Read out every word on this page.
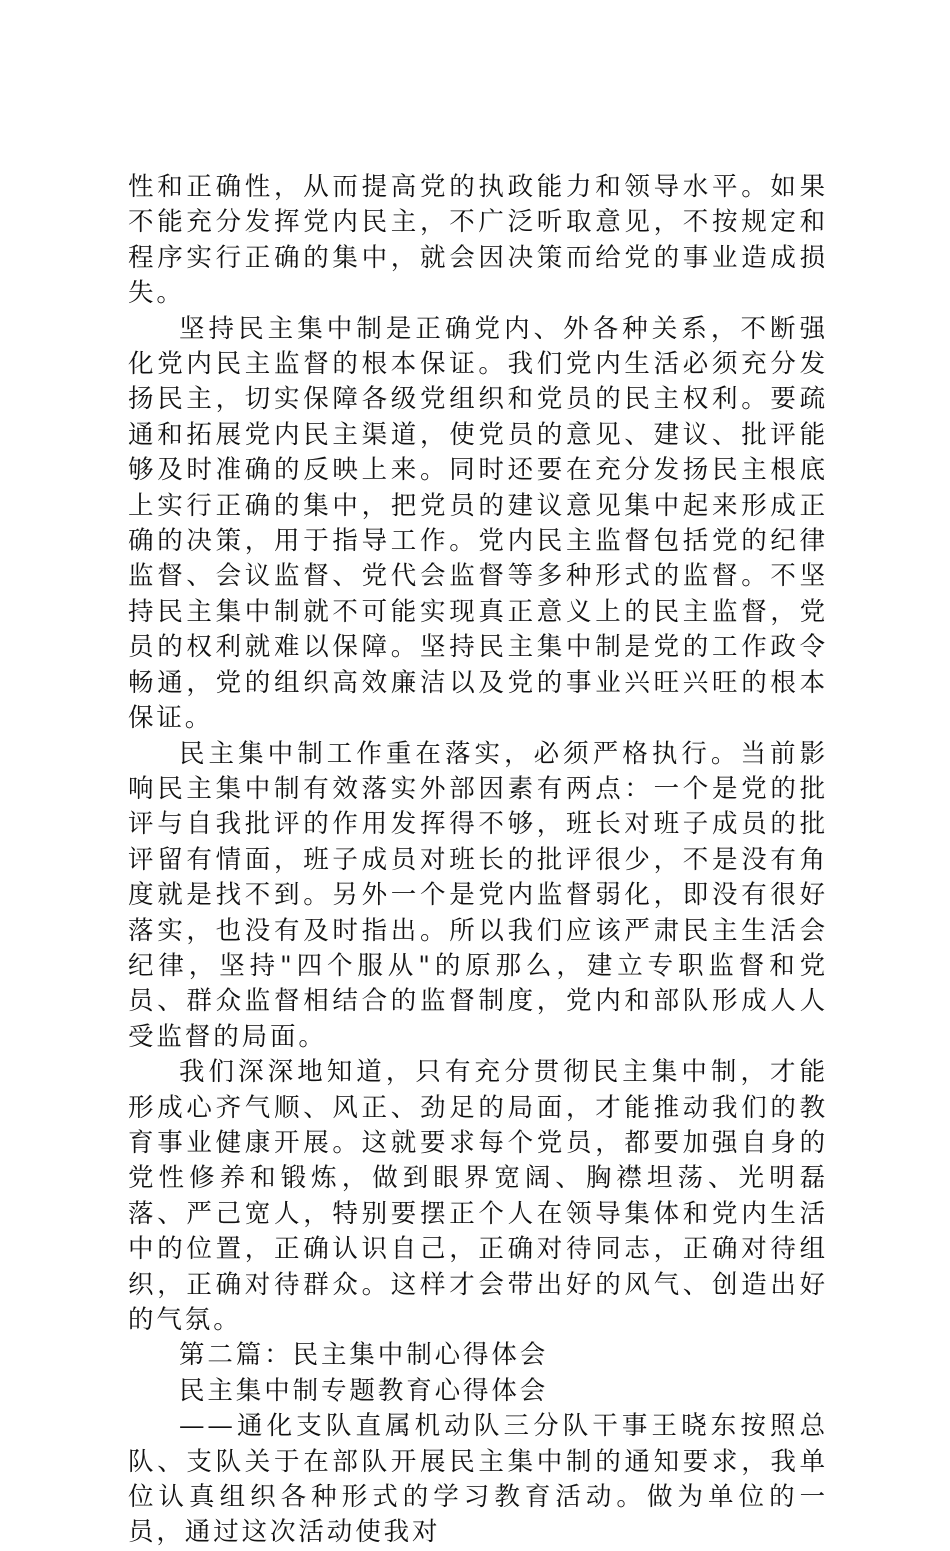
性和正确性，从而提高党的执政能力和领导水平。如果不能充分发挥党内民主，不广泛听取意见，不按规定和程序实行正确的集中，就会因决策而给党的事业造成损失。

坚持民主集中制是正确党内、外各种关系，不断强化党内民主监督的根本保证。我们党内生活必须充分发扬民主，切实保障各级党组织和党员的民主权利。要疏通和拓展党内民主渠道，使党员的意见、建议、批评能够及时准确的反映上来。同时还要在充分发扬民主根底上实行正确的集中，把党员的建议意见集中起来形成正确的决策，用于指导工作。党内民主监督包括党的纪律监督、会议监督、党代会监督等多种形式的监督。不坚持民主集中制就不可能实现真正意义上的民主监督，党员的权利就难以保障。坚持民主集中制是党的工作政令畅通，党的组织高效廉洁以及党的事业兴旺兴旺的根本保证。

民主集中制工作重在落实，必须严格执行。当前影响民主集中制有效落实外部因素有两点：一个是党的批评与自我批评的作用发挥得不够，班长对班子成员的批评留有情面，班子成员对班长的批评很少，不是没有角度就是找不到。另外一个是党内监督弱化，即没有很好落实，也没有及时指出。所以我们应该严肃民主生活会纪律，坚持"四个服从"的原那么，建立专职监督和党员、群众监督相结合的监督制度，党内和部队形成人人受监督的局面。

我们深深地知道，只有充分贯彻民主集中制，才能形成心齐气顺、风正、劲足的局面，才能推动我们的教育事业健康开展。这就要求每个党员，都要加强自身的党性修养和锻炼，做到眼界宽阔、胸襟坦荡、光明磊落、严己宽人，特别要摆正个人在领导集体和党内生活中的位置，正确认识自己，正确对待同志，正确对待组织，正确对待群众。这样才会带出好的风气、创造出好的气氛。

第二篇：民主集中制心得体会

民主集中制专题教育心得体会

——通化支队直属机动队三分队干事王晓东按照总队、支队关于在部队开展民主集中制的通知要求，我单位认真组织各种形式的学习教育活动。做为单位的一员，通过这次活动使我对
